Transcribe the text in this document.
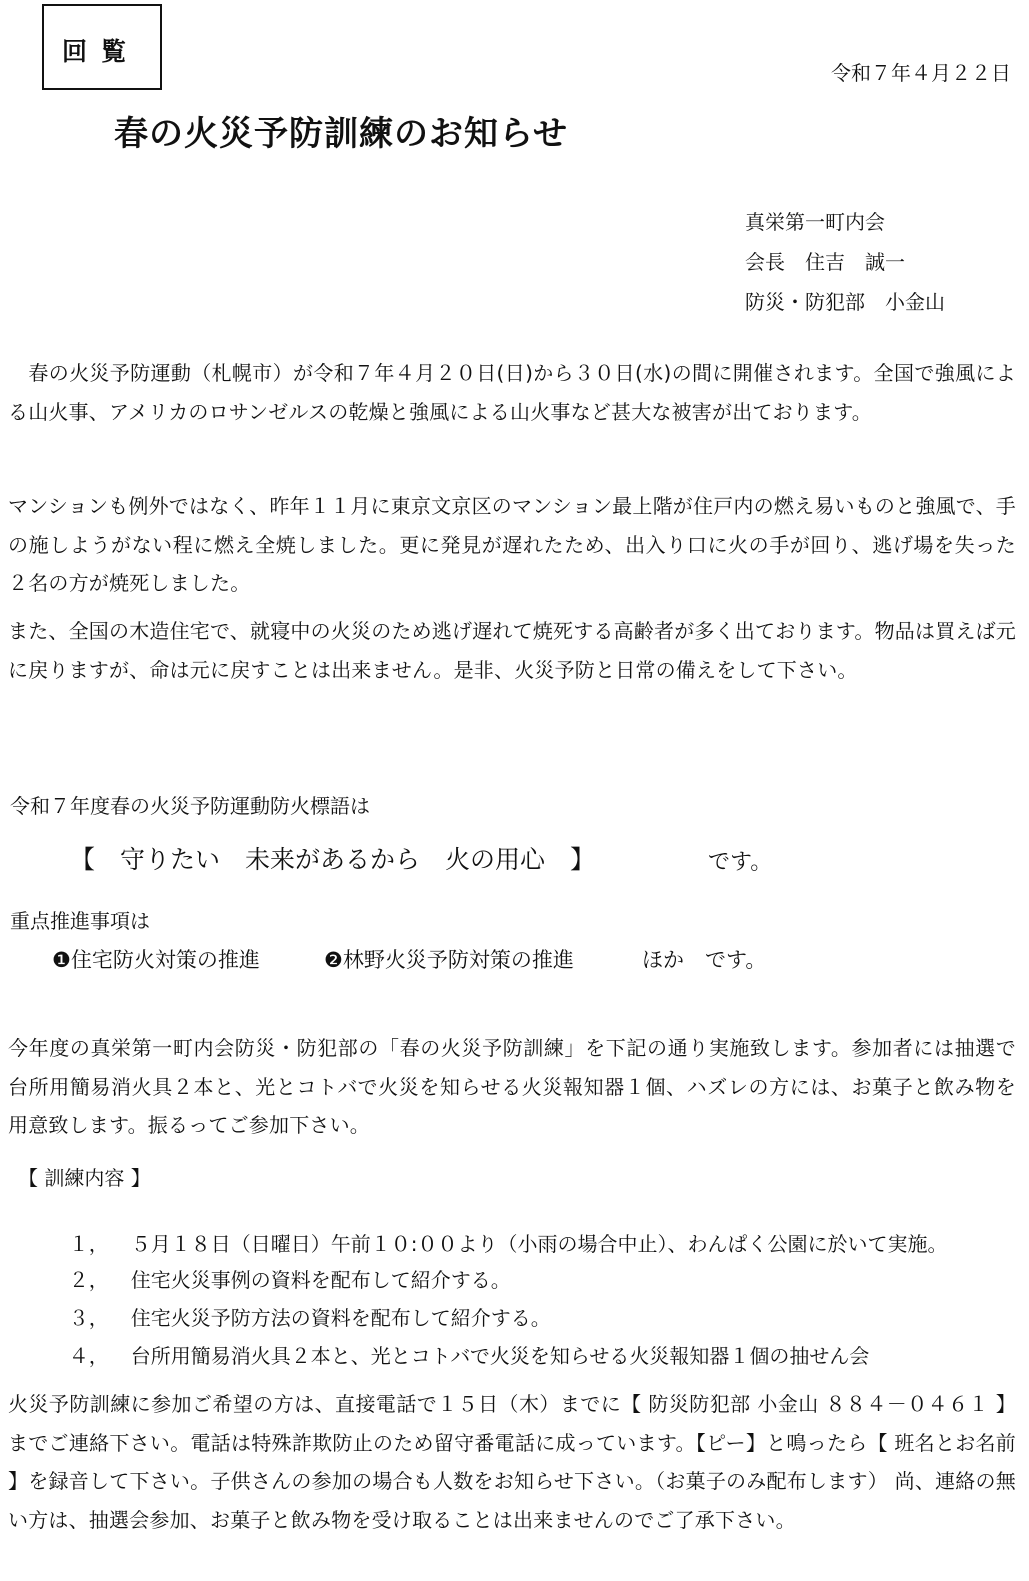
回覧
令和７年４月２２日
春の火災予防訓練のお知らせ
真栄第一町内会
会長　住吉　誠一
防災・防犯部　小金山
　春の火災予防運動（札幌市）が令和７年４月２０日(日)から３０日(水)の間に開催されます。全国で強風による山火事、アメリカのロサンゼルスの乾燥と強風による山火事など甚大な被害が出ております。
マンションも例外ではなく、昨年１１月に東京文京区のマンション最上階が住戸内の燃え易いものと強風で、手の施しようがない程に燃え全焼しました。更に発見が遅れたため、出入り口に火の手が回り、逃げ場を失った２名の方が焼死しました。
また、全国の木造住宅で、就寝中の火災のため逃げ遅れて焼死する高齢者が多く出ております。物品は買えば元に戻りますが、命は元に戻すことは出来ません。是非、火災予防と日常の備えをして下さい。
令和７年度春の火災予防運動防火標語は
【　守りたい　未来があるから　火の用心　】	です。
重点推進事項は
❶住宅防火対策の推進	❷林野火災予防対策の推進	ほか　です。
今年度の真栄第一町内会防災・防犯部の「春の火災予防訓練」を下記の通り実施致します。参加者には抽選で台所用簡易消火具２本と、光とコトバで火災を知らせる火災報知器１個、ハズレの方には、お菓子と飲み物を用意致します。振るってご参加下さい。
【 訓練内容 】

１， ５月１８日（日曜日）午前１０:００より（小雨の場合中止）、わんぱく公園に於いて実施。

２， 住宅火災事例の資料を配布して紹介する。

３， 住宅火災予防方法の資料を配布して紹介する。

４， 台所用簡易消火具２本と、光とコトバで火災を知らせる火災報知器１個の抽せん会

火災予防訓練に参加ご希望の方は、直接電話で１５日（木）までに【 防災防犯部 小金山 ８８４－０４６１ 】までご連絡下さい。電話は特殊詐欺防止のため留守番電話に成っています。【ピー】と鳴ったら【 班名とお名前 】を録音して下さい。子供さんの参加の場合も人数をお知らせ下さい。（お菓子のみ配布します） 尚、連絡の無い方は、抽選会参加、お菓子と飲み物を受け取ることは出来ませんのでご了承下さい。
